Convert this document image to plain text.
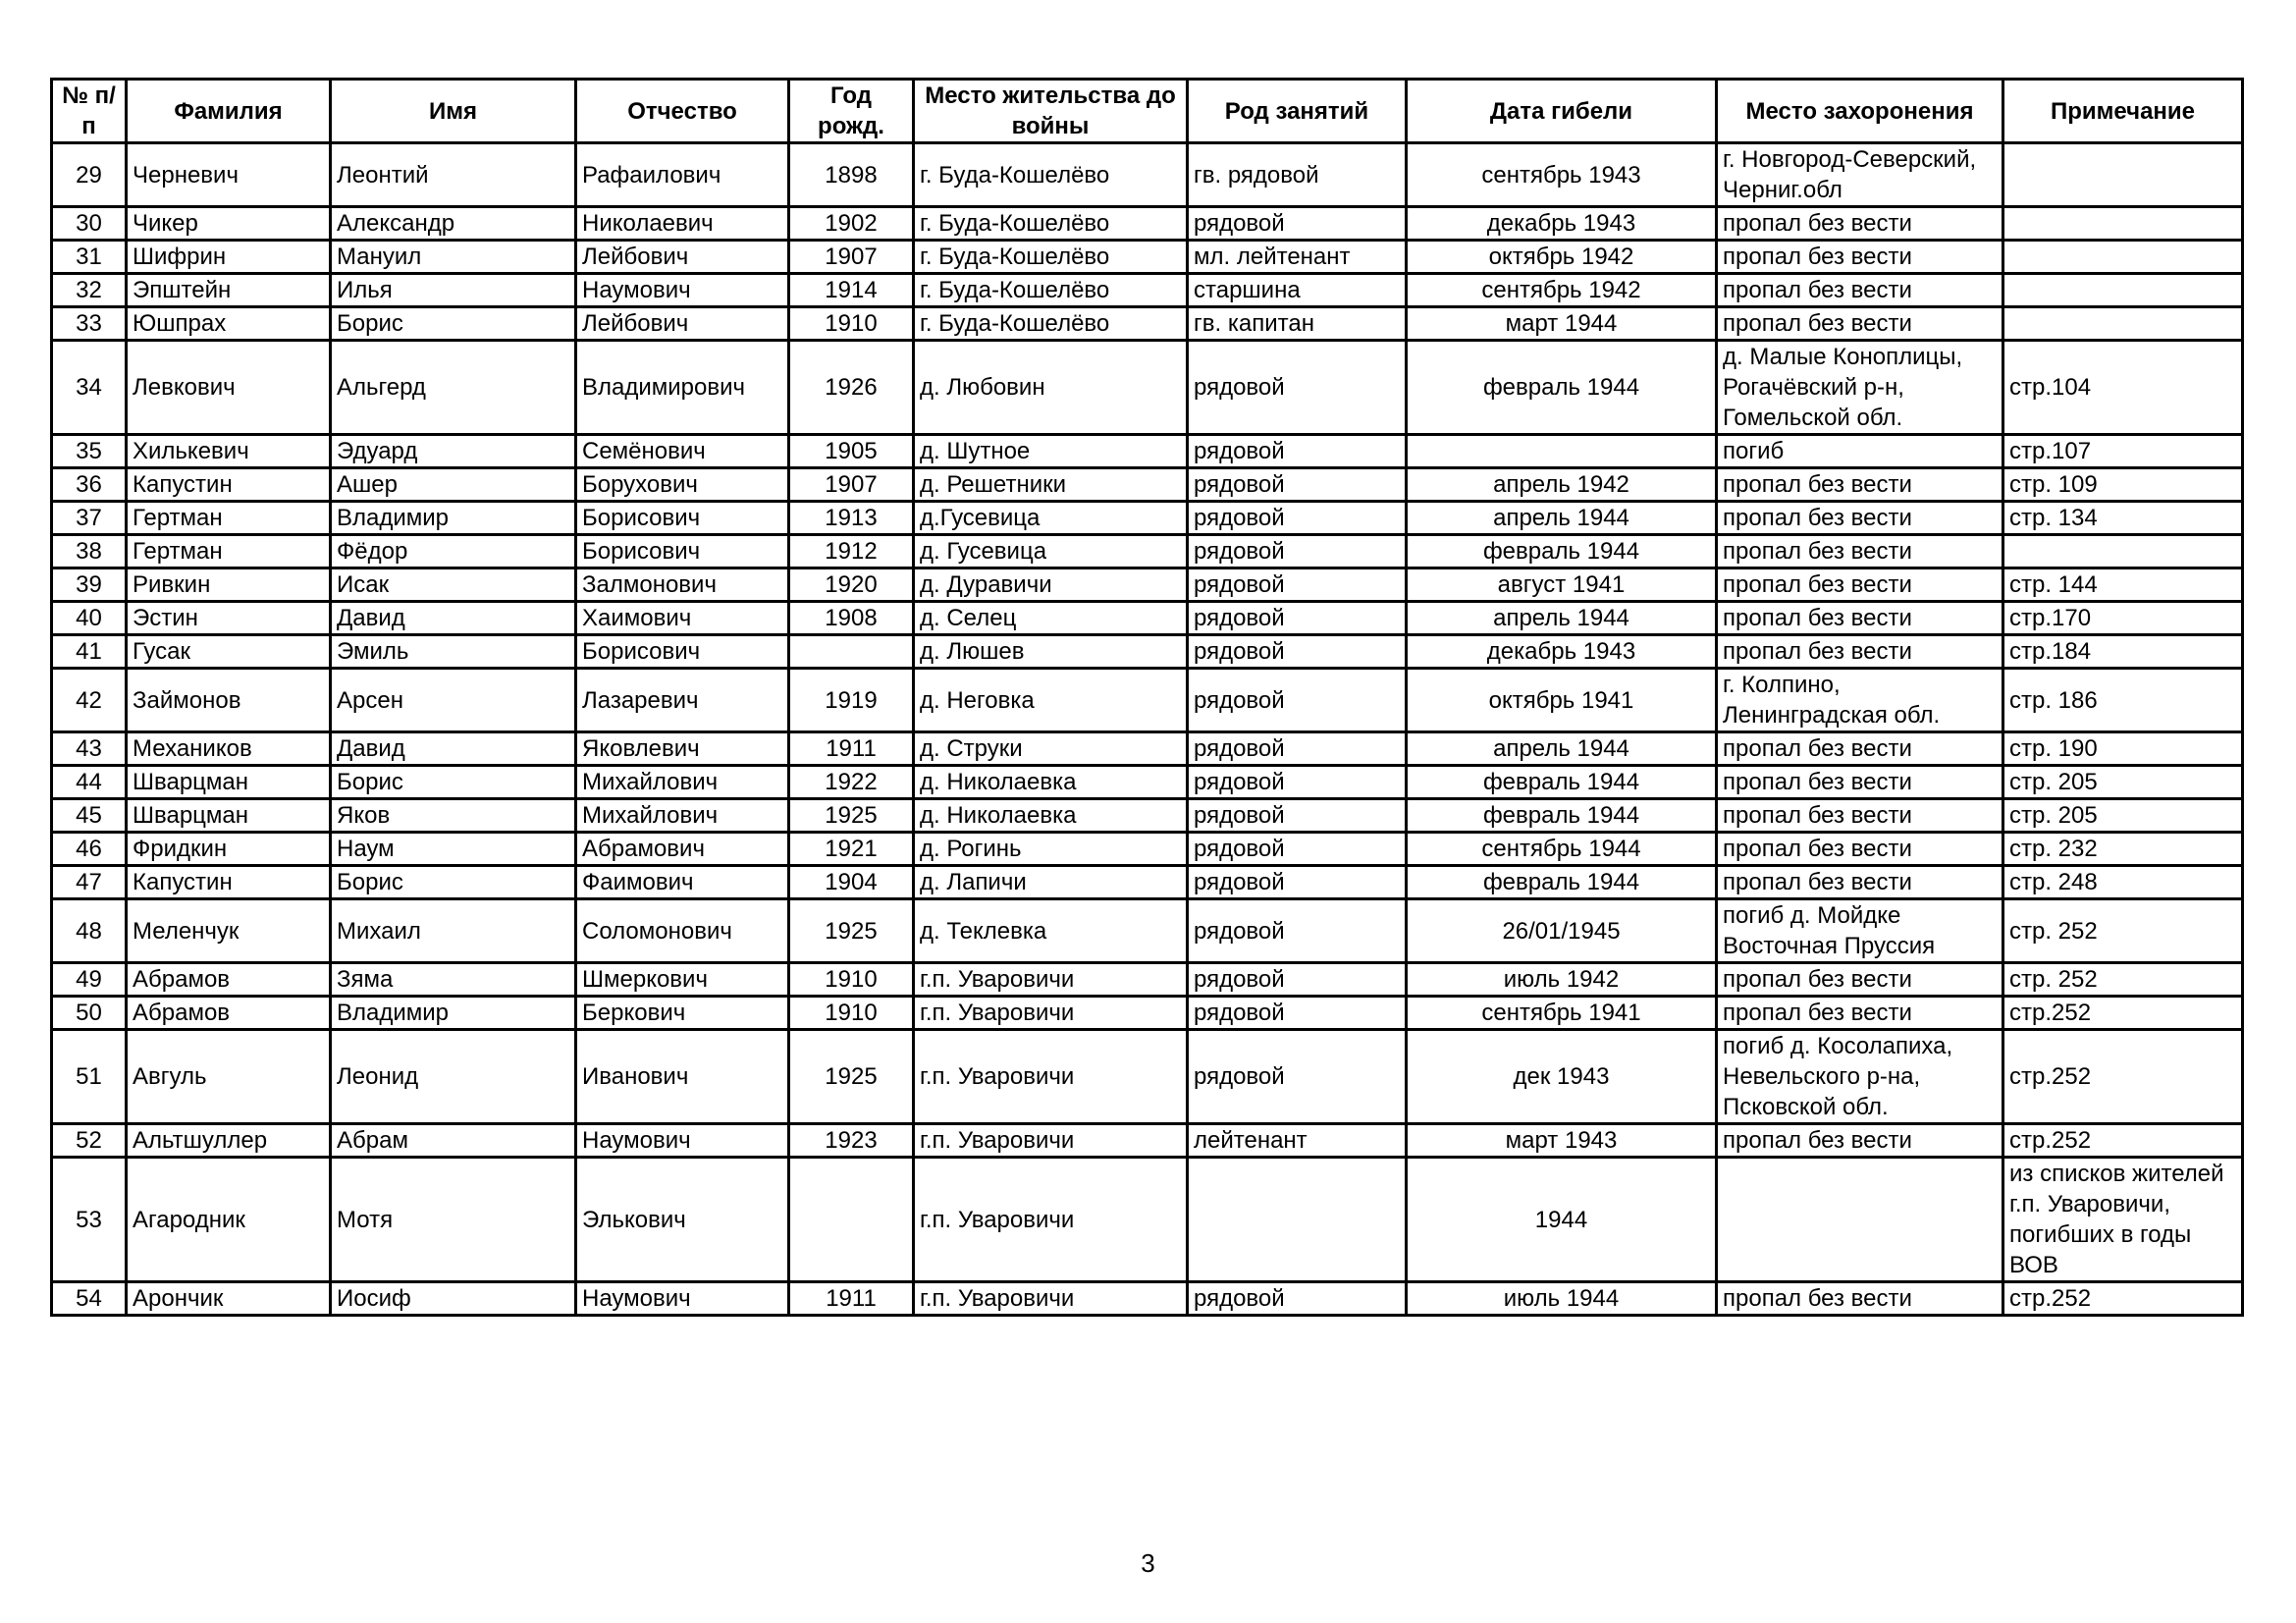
№ п/п	Фамилия	Имя	Отчество	Год рожд.	Место жительства до войны	Род занятий	Дата гибели	Место захоронения	Примечание
29	Черневич	Леонтий	Рафаилович	1898	г. Буда-Кошелёво	гв. рядовой	сентябрь 1943	г. Новгород-Северский, Черниг.обл	
30	Чикер	Александр	Николаевич	1902	г. Буда-Кошелёво	рядовой	декабрь 1943	пропал без вести	
31	Шифрин	Мануил	Лейбович	1907	г. Буда-Кошелёво	мл. лейтенант	октябрь 1942	пропал без вести	
32	Эпштейн	Илья	Наумович	1914	г. Буда-Кошелёво	старшина	сентябрь 1942	пропал без вести	
33	Юшпрах	Борис	Лейбович	1910	г. Буда-Кошелёво	гв. капитан	март 1944	пропал без вести	
34	Левкович	Альгерд	Владимирович	1926	д. Любовин	рядовой	февраль 1944	д. Малые Коноплицы, Рогачёвский р-н, Гомельской обл.	стр.104
35	Хилькевич	Эдуард	Семёнович	1905	д. Шутное	рядовой		погиб	стр.107
36	Капустин	Ашер	Борухович	1907	д. Решетники	рядовой	апрель 1942	пропал без вести	стр. 109
37	Гертман	Владимир	Борисович	1913	д.Гусевица	рядовой	апрель 1944	пропал без вести	стр. 134
38	Гертман	Фёдор	Борисович	1912	д. Гусевица	рядовой	февраль 1944	пропал без вести	
39	Ривкин	Исак	Залмонович	1920	д. Дуравичи	рядовой	август 1941	пропал без вести	стр. 144
40	Эстин	Давид	Хаимович	1908	д. Селец	рядовой	апрель 1944	пропал без вести	стр.170
41	Гусак	Эмиль	Борисович		д. Люшев	рядовой	декабрь 1943	пропал без вести	стр.184
42	Займонов	Арсен	Лазаревич	1919	д. Неговка	рядовой	октябрь 1941	г. Колпино, Ленинградская обл.	стр. 186
43	Механиков	Давид	Яковлевич	1911	д. Струки	рядовой	апрель 1944	пропал без вести	стр. 190
44	Шварцман	Борис	Михайлович	1922	д. Николаевка	рядовой	февраль 1944	пропал без вести	стр. 205
45	Шварцман	Яков	Михайлович	1925	д. Николаевка	рядовой	февраль 1944	пропал без вести	стр. 205
46	Фридкин	Наум	Абрамович	1921	д. Рогинь	рядовой	сентябрь 1944	пропал без вести	стр. 232
47	Капустин	Борис	Фаимович	1904	д. Лапичи	рядовой	февраль 1944	пропал без вести	стр. 248
48	Меленчук	Михаил	Соломонович	1925	д. Теклевка	рядовой	26/01/1945	погиб д. Мойдке Восточная Пруссия	стр. 252
49	Абрамов	Зяма	Шмеркович	1910	г.п. Уваровичи	рядовой	июль 1942	пропал без вести	стр. 252
50	Абрамов	Владимир	Беркович	1910	г.п. Уваровичи	рядовой	сентябрь 1941	пропал без вести	стр.252
51	Авгуль	Леонид	Иванович	1925	г.п. Уваровичи	рядовой	дек 1943	погиб д. Косолапиха, Невельского р-на, Псковской обл.	стр.252
52	Альтшуллер	Абрам	Наумович	1923	г.п. Уваровичи	лейтенант	март 1943	пропал без вести	стр.252
53	Агародник	Мотя	Элькович		г.п. Уваровичи		1944		из списков жителей г.п. Уваровичи, погибших в годы ВОВ
54	Арончик	Иосиф	Наумович	1911	г.п. Уваровичи	рядовой	июль 1944	пропал без вести	стр.252
3
